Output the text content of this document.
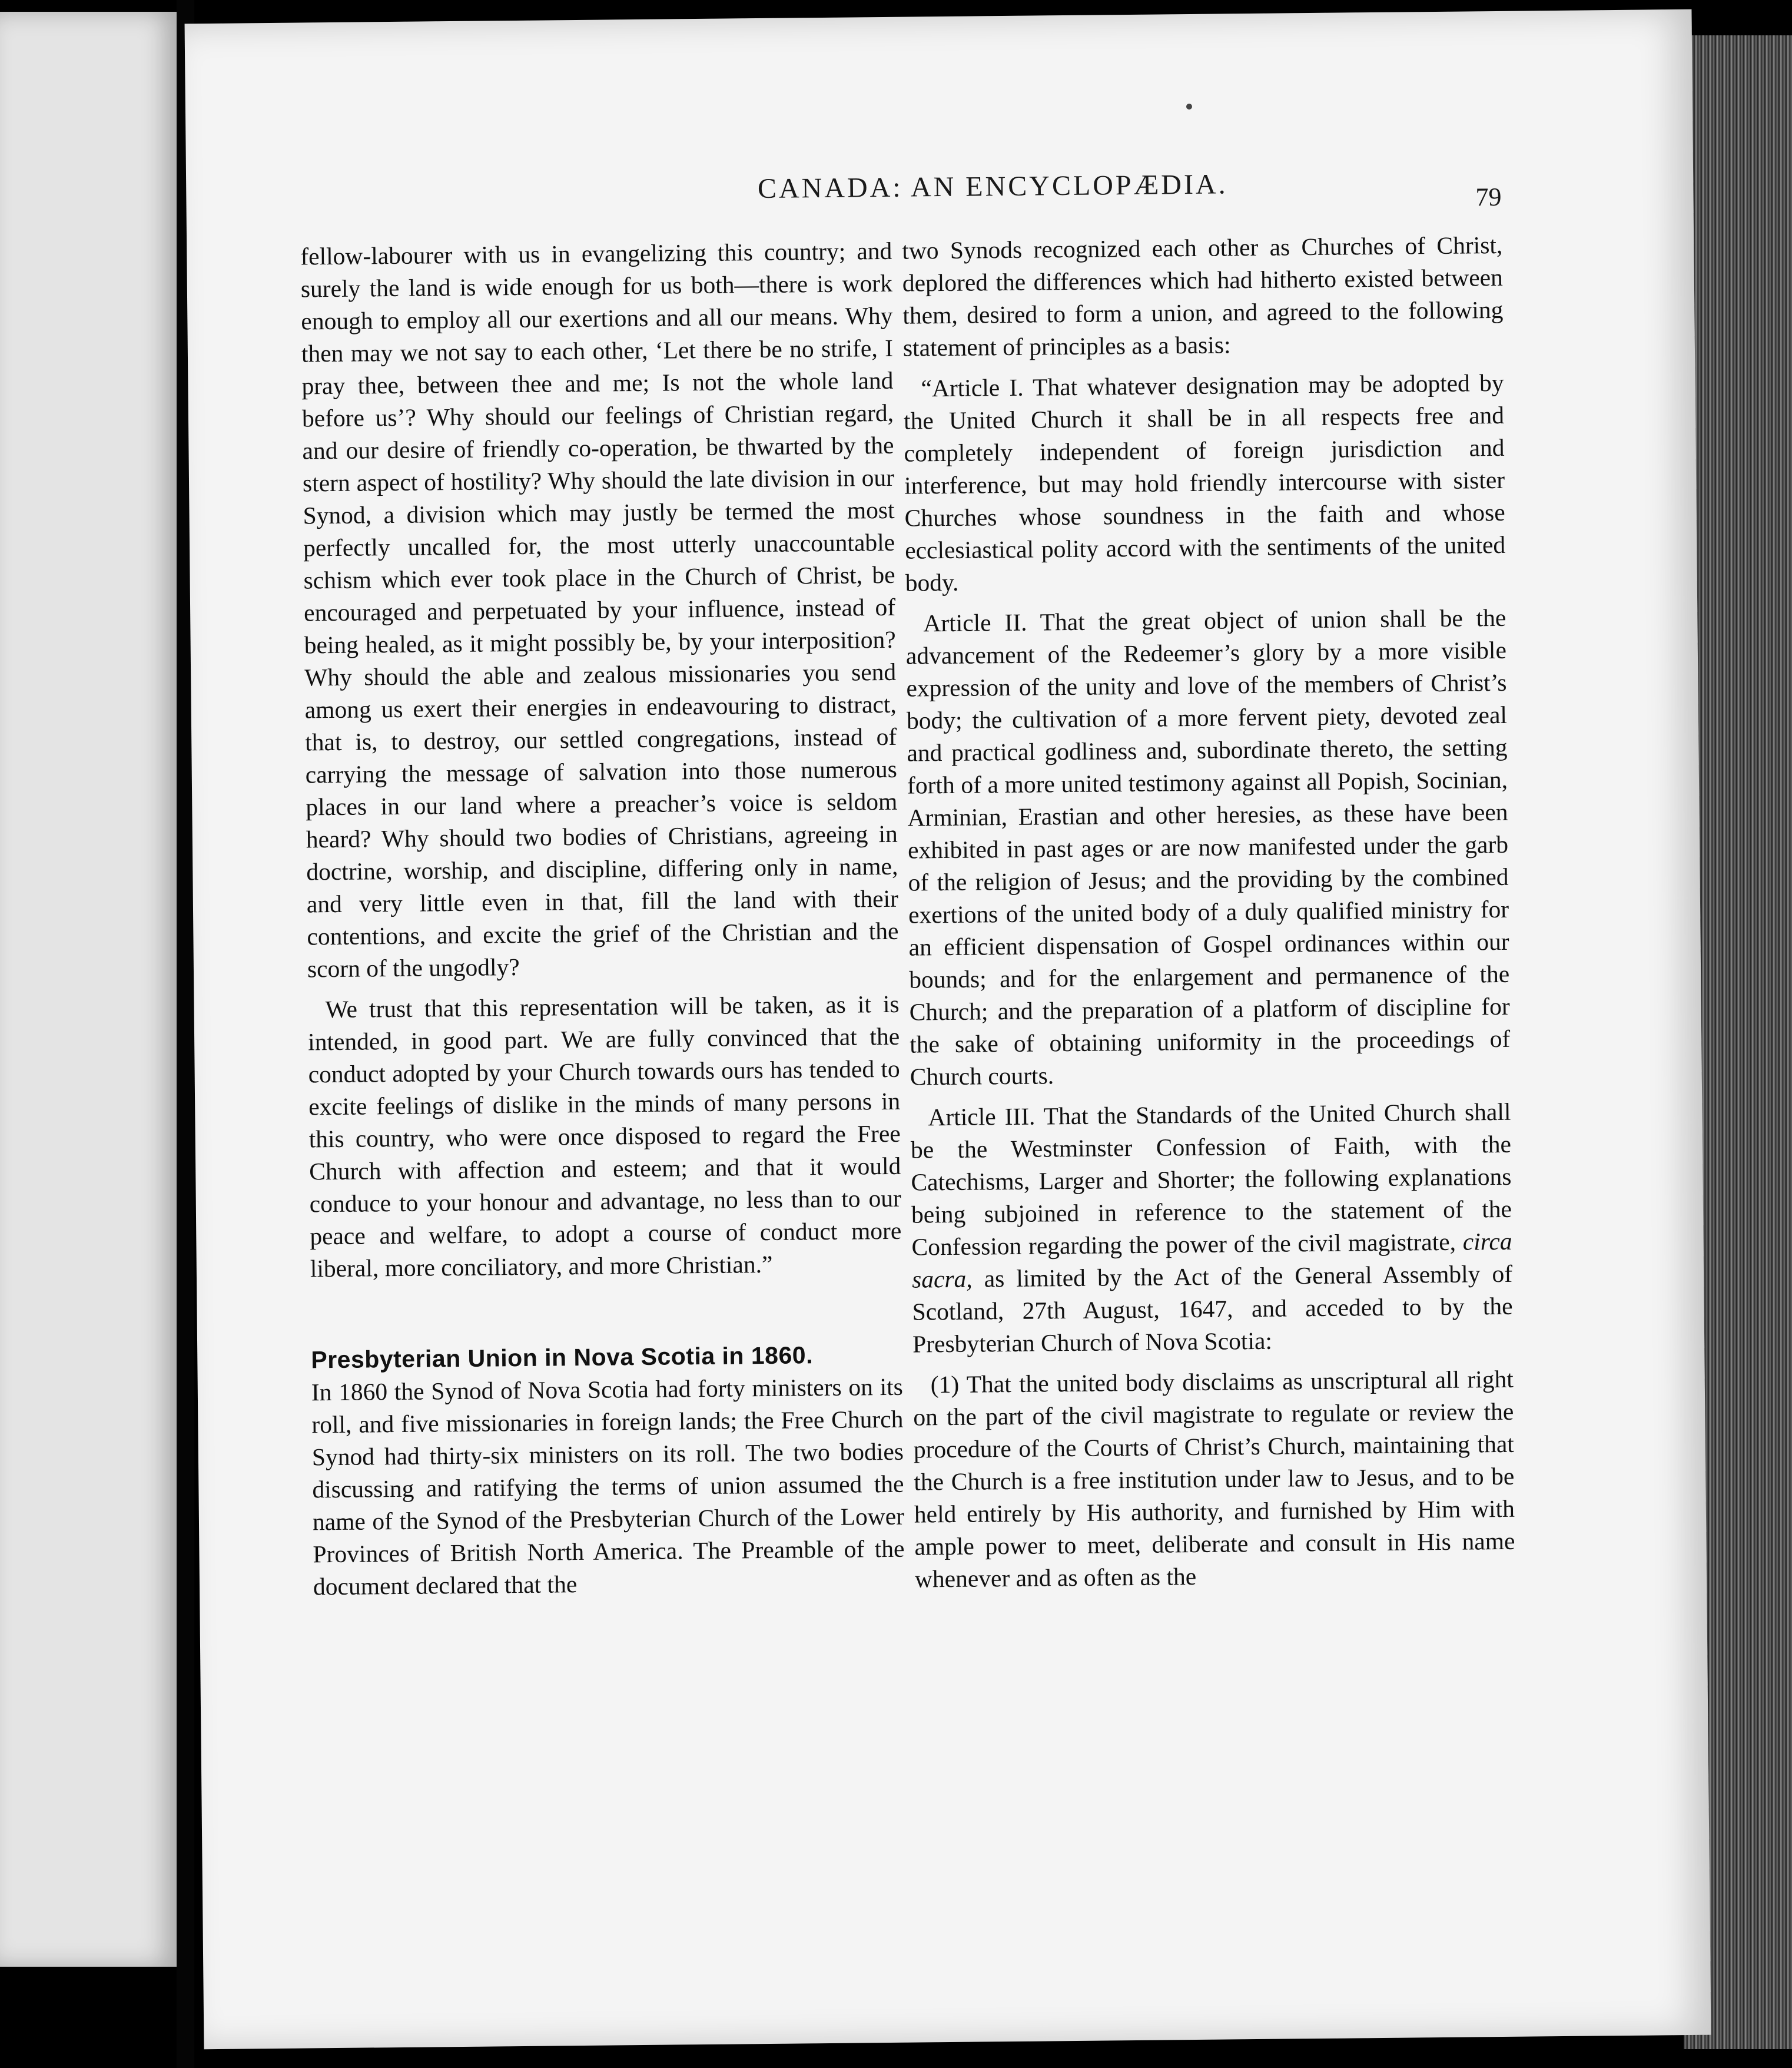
CANADA: AN ENCYCLOPÆDIA.	79

fellow-labourer with us in evangelizing this country; and surely the land is wide enough for us both—there is work enough to employ all our exertions and all our means. Why then may we not say to each other, ‘Let there be no strife, I pray thee, between thee and me; Is not the whole land before us’? Why should our feelings of Christian regard, and our desire of friendly co-operation, be thwarted by the stern aspect of hostility? Why should the late division in our Synod, a division which may justly be termed the most perfectly uncalled for, the most utterly unaccountable schism which ever took place in the Church of Christ, be encouraged and perpetuated by your influence, instead of being healed, as it might possibly be, by your interposition? Why should the able and zealous missionaries you send among us exert their energies in endeavouring to distract, that is, to destroy, our settled congregations, instead of carrying the message of salvation into those numerous places in our land where a preacher’s voice is seldom heard? Why should two bodies of Christians, agreeing in doctrine, worship, and discipline, differing only in name, and very little even in that, fill the land with their contentions, and excite the grief of the Christian and the scorn of the ungodly?

We trust that this representation will be taken, as it is intended, in good part. We are fully convinced that the conduct adopted by your Church towards ours has tended to excite feelings of dislike in the minds of many persons in this country, who were once disposed to regard the Free Church with affection and esteem; and that it would conduce to your honour and advantage, no less than to our peace and welfare, to adopt a course of conduct more liberal, more conciliatory, and more Christian.”

Presbyterian Union in Nova Scotia in 1860.

In 1860 the Synod of Nova Scotia had forty ministers on its roll, and five missionaries in foreign lands; the Free Church Synod had thirty-six ministers on its roll. The two bodies discussing and ratifying the terms of union assumed the name of the Synod of the Presbyterian Church of the Lower Provinces of British North America. The Preamble of the document declared that the

two Synods recognized each other as Churches of Christ, deplored the differences which had hitherto existed between them, desired to form a union, and agreed to the following statement of principles as a basis:

“Article I. That whatever designation may be adopted by the United Church it shall be in all respects free and completely independent of foreign jurisdiction and interference, but may hold friendly intercourse with sister Churches whose soundness in the faith and whose ecclesiastical polity accord with the sentiments of the united body.

Article II. That the great object of union shall be the advancement of the Redeemer’s glory by a more visible expression of the unity and love of the members of Christ’s body; the cultivation of a more fervent piety, devoted zeal and practical godliness and, subordinate thereto, the setting forth of a more united testimony against all Popish, Socinian, Arminian, Erastian and other heresies, as these have been exhibited in past ages or are now manifested under the garb of the religion of Jesus; and the providing by the combined exertions of the united body of a duly qualified ministry for an efficient dispensation of Gospel ordinances within our bounds; and for the enlargement and permanence of the Church; and the preparation of a platform of discipline for the sake of obtaining uniformity in the proceedings of Church courts.

Article III. That the Standards of the United Church shall be the Westminster Confession of Faith, with the Catechisms, Larger and Shorter; the following explanations being subjoined in reference to the statement of the Confession regarding the power of the civil magistrate, circa sacra, as limited by the Act of the General Assembly of Scotland, 27th August, 1647, and acceded to by the Presbyterian Church of Nova Scotia:

(1) That the united body disclaims as unscriptural all right on the part of the civil magistrate to regulate or review the procedure of the Courts of Christ’s Church, maintaining that the Church is a free institution under law to Jesus, and to be held entirely by His authority, and furnished by Him with ample power to meet, deliberate and consult in His name whenever and as often as the
